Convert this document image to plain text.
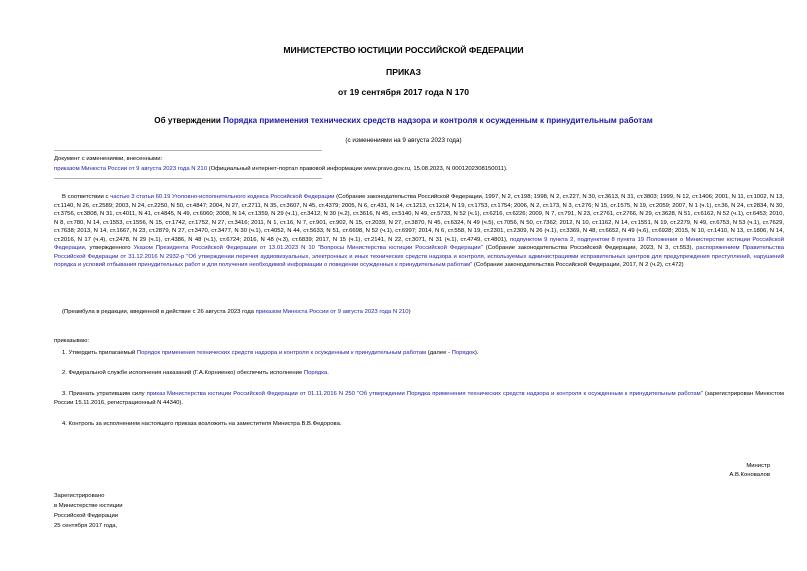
МИНИСТЕРСТВО ЮСТИЦИИ РОССИЙСКОЙ ФЕДЕРАЦИИ
ПРИКАЗ
от 19 сентября 2017 года N 170
Об утверждении Порядка применения технических средств надзора и контроля к осужденным к принудительным работам
(с изменениями на 9 августа 2023 года)
Документ с изменениями, внесенными:
приказом Минюста России от 9 августа 2023 года N 210 (Официальный интернет-портал правовой информации www.pravo.gov.ru, 15.08.2023, N 0001202308150011).
В соответствии с частью 3 статьи 60.19 Уголовно-исполнительного кодекса Российской Федерации (Собрание законодательства Российской Федерации, 1997, N 2, ст.198; 1998, N 2, ст.227, N 30, ст.3613, N 31, ст.3803; 1999, N 12, ст.1406; 2001, N 11, ст.1002, N 13, ст.1140, N 26, ст.2589; 2003, N 24, ст.2250, N 50, ст.4847; 2004, N 27, ст.2711, N 35, ст.3607, N 45, ст.4379; 2005, N 6, ст.431, N 14, ст.1213, ст.1214, N 19, ст.1753, ст.1754; 2006, N 2, ст.173, N 3, ст.276; N 15, ст.1575, N 19, ст.2059; 2007, N 1 (ч.1), ст.36, N 24, ст.2834, N 30, ст.3756, ст.3808, N 31, ст.4011, N 41, ст.4845, N 49, ст.6060; 2008, N 14, ст.1359, N 29 (ч.1), ст.3412, N 30 (ч.2), ст.3616, N 45, ст.5140, N 49, ст.5733, N 52 (ч.1), ст.6216, ст.6226; 2009, N 7, ст.791, N 23, ст.2761, ст.2766, N 29, ст.3628, N 51, ст.6162, N 52 (ч.1), ст.6453; 2010, N 8, ст.780, N 14, ст.1553, ст.1556, N 15, ст.1742, ст.1752, N 27, ст.3416; 2011, N 1, ст.16, N 7, ст.901, ст.902, N 15, ст.2039, N 27, ст.3870, N 45, ст.6324, N 49 (ч.5), ст.7056, N 50, ст.7362; 2012, N 10, ст.1162, N 14, ст.1551, N 19, ст.2279, N 49, ст.6753, N 53 (ч.1), ст.7629, ст.7638; 2013, N 14, ст.1667, N 23, ст.2879, N 27, ст.3470, ст.3477, N 30 (ч.1), ст.4052, N 44, ст.5633, N 51, ст.6698, N 52 (ч.1), ст.6997; 2014, N 6, ст.558, N 19, ст.2301, ст.2309, N 26 (ч.1), ст.3369, N 48, ст.6652, N 49 (ч.6), ст.6928; 2015, N 10, ст.1410, N 13, ст.1806, N 14, ст.2016, N 17 (ч.4), ст.2478, N 29 (ч.1), ст.4386, N 48 (ч.1), ст.6724; 2016, N 48 (ч.3), ст.6839; 2017, N 15 (ч.1), ст.2141, N 22, ст.3071, N 31 (ч.1), ст.4749, ст.4801), подпунктом 9 пункта 2, подпунктом 8 пункта 19 Положения о Министерстве юстиции Российской Федерации, утвержденного Указом Президента Российской Федерации от 13.01.2023 N 10 "Вопросы Министерства юстиции Российской Федерации" (Собрание законодательства Российской Федерации, 2023, N 3, ст.553), распоряжением Правительства Российской Федерации от 31.12.2016 N 2932-р "Об утверждении перечня аудиовизуальных, электронных и иных технических средств надзора и контроля, используемых администрациями исправительных центров для предупреждения преступлений, нарушений порядка и условий отбывания принудительных работ и для получения необходимой информации о поведении осужденных к принудительным работам" (Собрание законодательства Российской Федерации, 2017, N 2 (ч.2), ст.472)
(Преамбула в редакции, введенной в действие с 26 августа 2023 года приказом Минюста России от 9 августа 2023 года N 210)
приказываю:
1. Утвердить прилагаемый Порядок применения технических средств надзора и контроля к осужденным к принудительным работам (далее - Порядок).
2. Федеральной службе исполнения наказаний (Г.А.Корниенко) обеспечить исполнение Порядка.
3. Признать утратившим силу приказ Министерства юстиции Российской Федерации от 01.11.2016 N 250 "Об утверждении Порядка применения технических средств надзора и контроля к осужденным к принудительным работам" (зарегистрирован Минюстом России 15.11.2016, регистрационный N 44340).
4. Контроль за исполнением настоящего приказа возложить на заместителя Министра В.В.Федорова.
Министр
А.В.Коновалов
Зарегистрировано
в Министерстве юстиции
Российской Федерации
25 сентября 2017 года,
